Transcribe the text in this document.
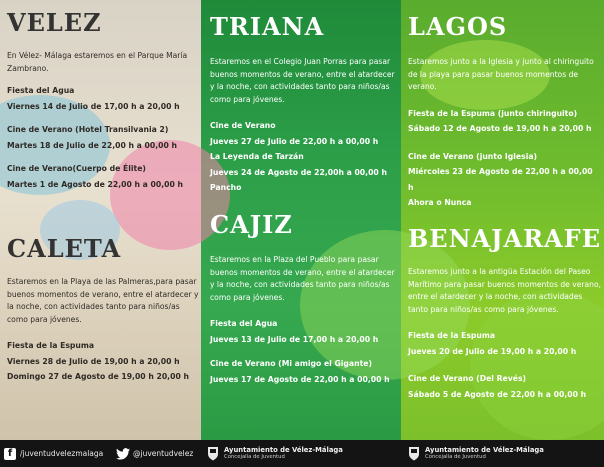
VELEZ

En Vélez- Málaga estaremos en el Parque María Zambrano.

Fiesta del Agua
Viernes 14 de Julio de 17,00 h a 20,00 h
Cine de Verano (Hotel Transilvania 2)
Martes 18 de Julio de 22,00 h a 00,00 h
Cine de Verano(Cuerpo de Élite)
Martes 1 de Agosto de 22,00 h a 00,00 h
CALETA

Estaremos en la Playa de las Palmeras,para pasar buenos momentos de verano, entre el atardecer y la noche, con actividades tanto para niños/as como para jóvenes.

Fiesta de la Espuma
Viernes 28 de Julio de 19,00 h a 20,00 h
Domingo 27 de Agosto de 19,00 h 20,00 h
TRIANA

Estaremos en el Colegio Juan Porras para pasar buenos momentos de verano, entre el atardecer y la noche, con actividades tanto para niños/as como para jóvenes.

Cine de Verano
Jueves 27 de Julio de 22,00 h a 00,00 h
La Leyenda de Tarzán
Jueves 24 de Agosto de 22,00h a 00,00 h
Pancho
CAJIZ

Estaremos en la Plaza del Pueblo para pasar buenos momentos de verano, entre el atardecer y la noche, con actividades tanto para niños/as como para jóvenes.

Fiesta del Agua
Jueves 13 de Julio de 17,00 h a 20,00 h
Cine de Verano (Mi amigo el Gigante)
Jueves 17 de Agosto de 22,00 h a 00,00 h
LAGOS

Estaremos junto a la Iglesia y junto al chiringuito de la playa para pasar buenos momentos de verano.

Fiesta de la Espuma (junto chiringuito)
Sábado 12 de Agosto de 19,00 h a 20,00 h
Cine de Verano (junto Iglesia)
Miércoles 23 de Agosto de 22,00 h a 00,00 h
Ahora o Nunca
BENAJARAFE

Estaremos junto a la antigüa Estación del Paseo Marítimo para pasar buenos momentos de verano, entre el atardecer y la noche, con actividades tanto para niños/as como para jóvenes.

Fiesta de la Espuma
Jueves 20 de Julio de 19,00 h a 20,00 h
Cine de Verano (Del Revés)
Sábado 5 de Agosto de 22,00 h a 00,00 h
f	/juventudvelezmalaga	@juventudvelez	Ayuntamiento de Vélez-Málaga
Concejalía de Juventud
Ayuntamiento de Vélez-Málaga
Concejalía de Juventud
